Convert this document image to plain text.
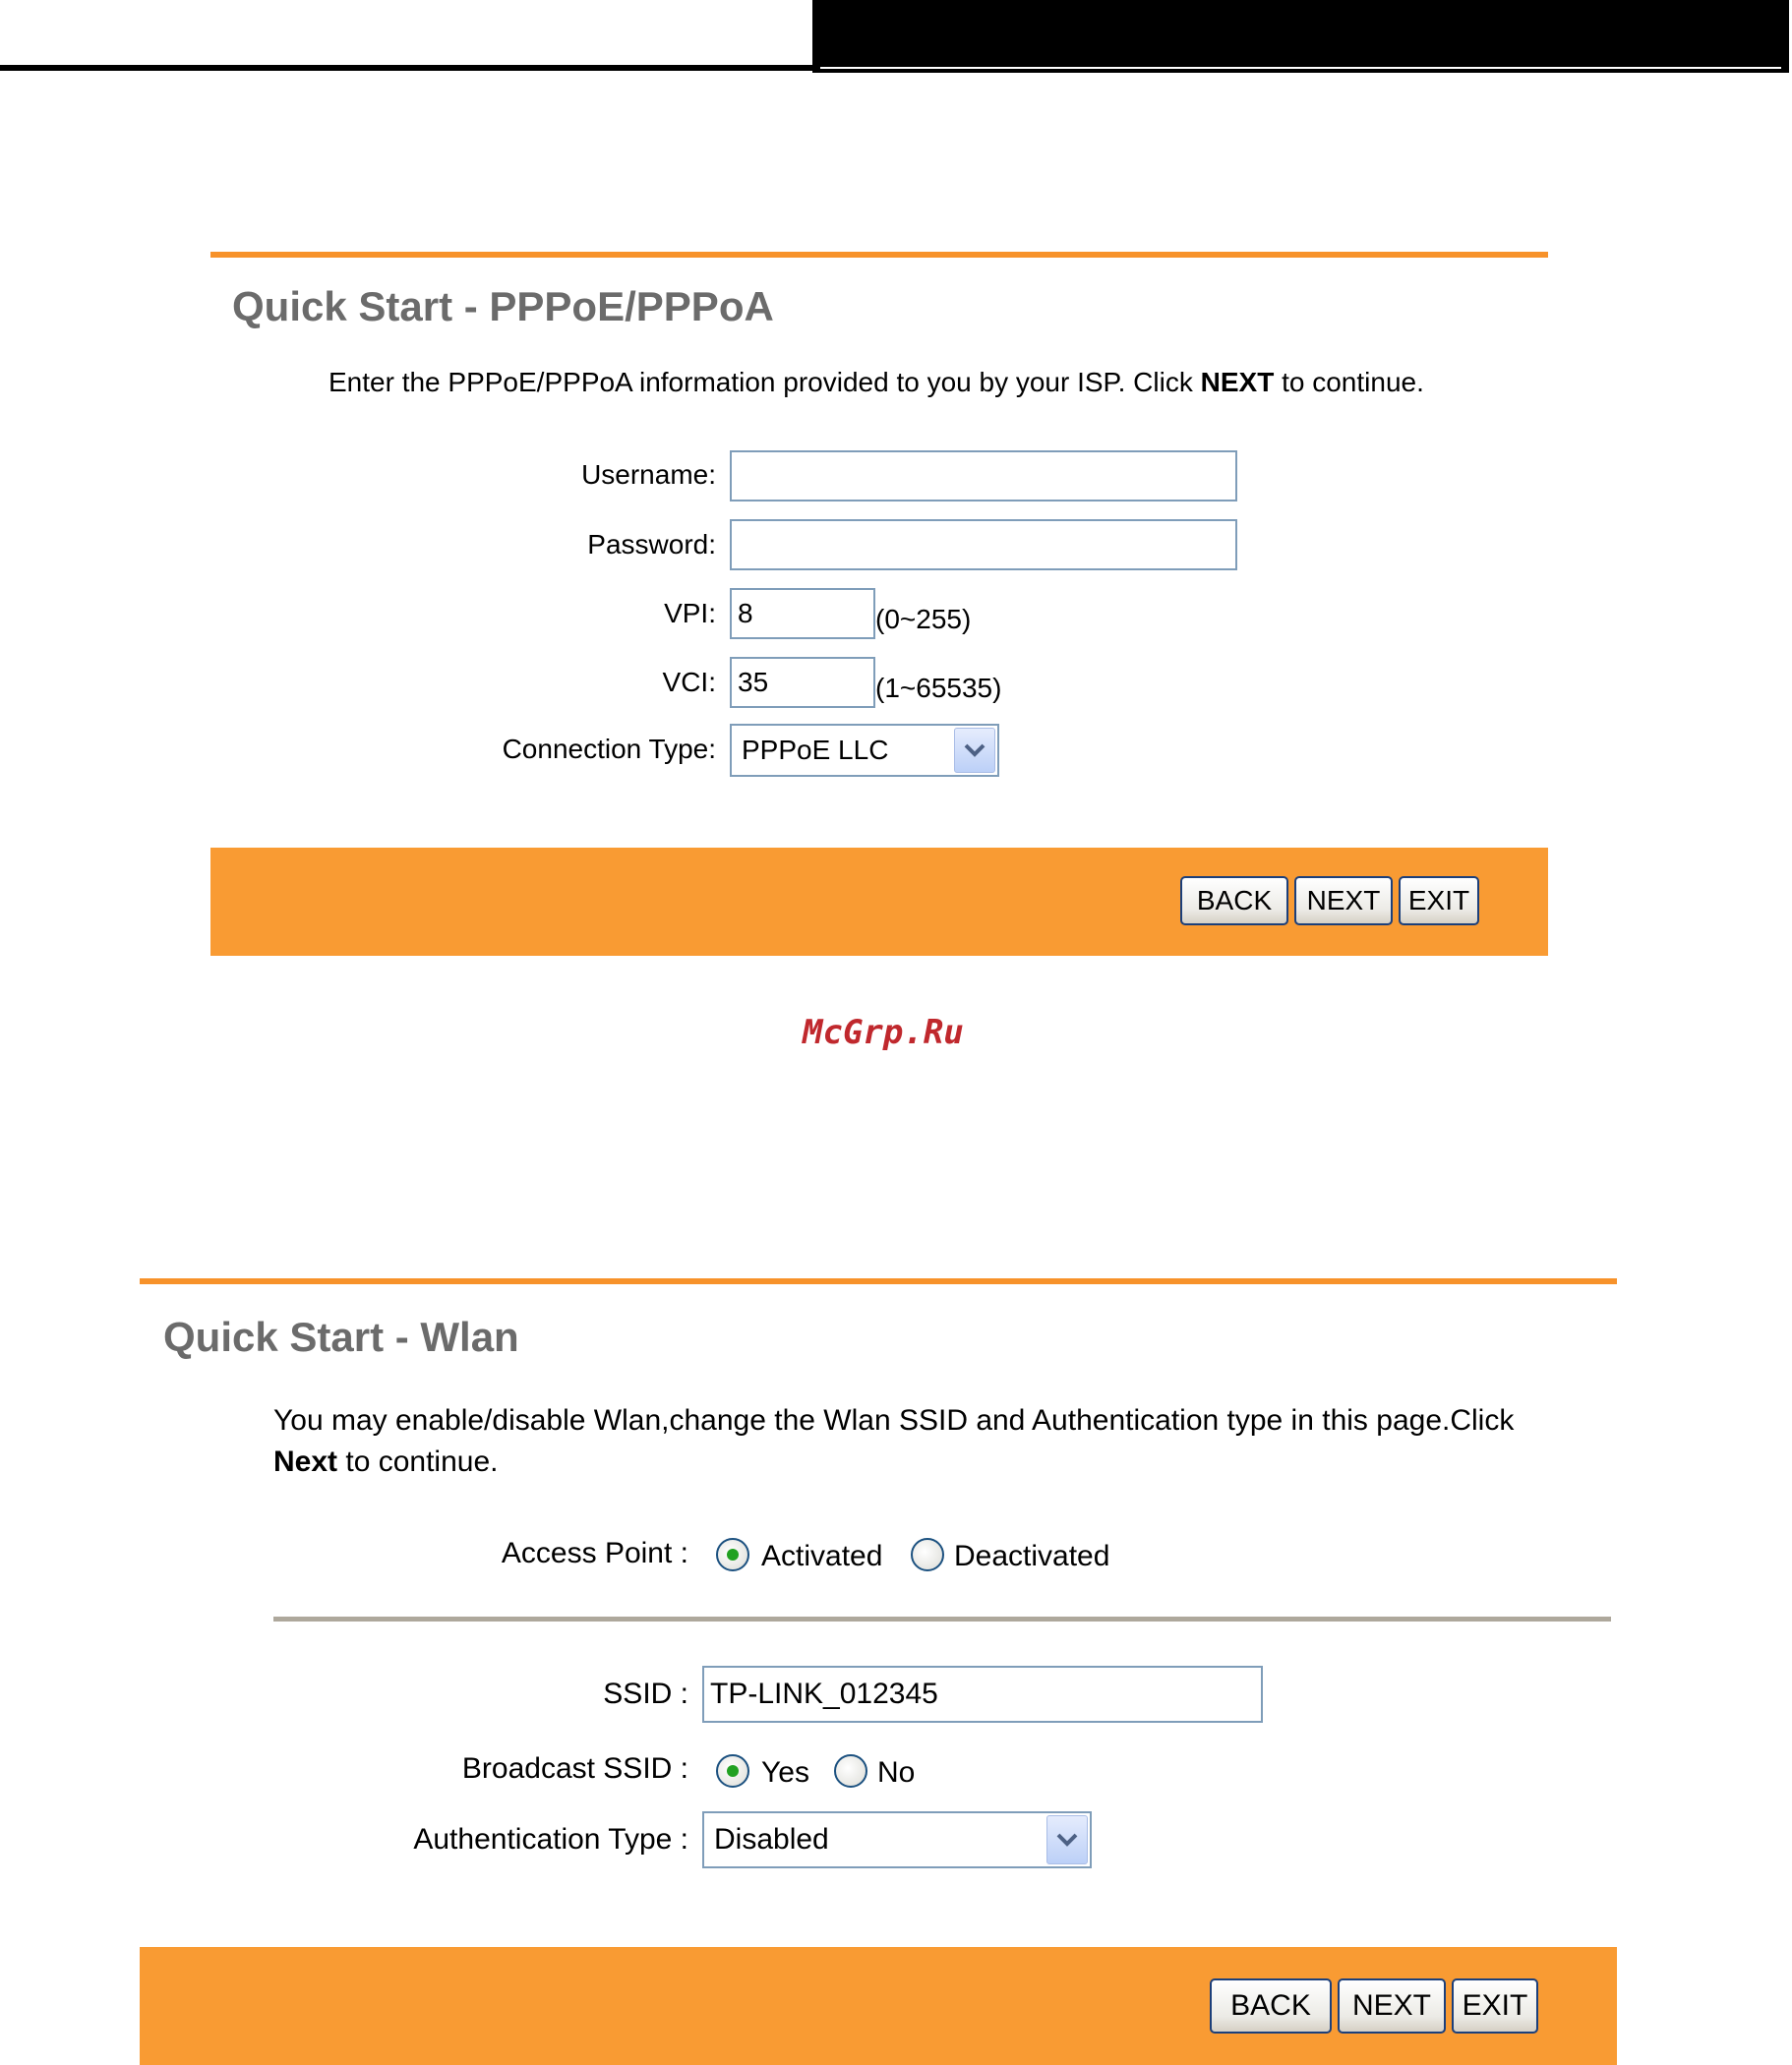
Quick Start - PPPoE/PPPoA
Enter the PPPoE/PPPoA information provided to you by your ISP. Click NEXT to continue.
Username:
Password:
VPI:
8	(0~255)
VCI:
35	(1~65535)
Connection Type: PPPoE LLC
BACK	NEXT	EXIT
McGrp.Ru
Quick Start - Wlan
You may enable/disable Wlan,change the Wlan SSID and Authentication type in this page.Click
Next to continue.
Access Point : Activated Deactivated
SSID :
TP-LINK_012345
Broadcast SSID : Yes No
Authentication Type : Disabled
BACK	NEXT	EXIT
